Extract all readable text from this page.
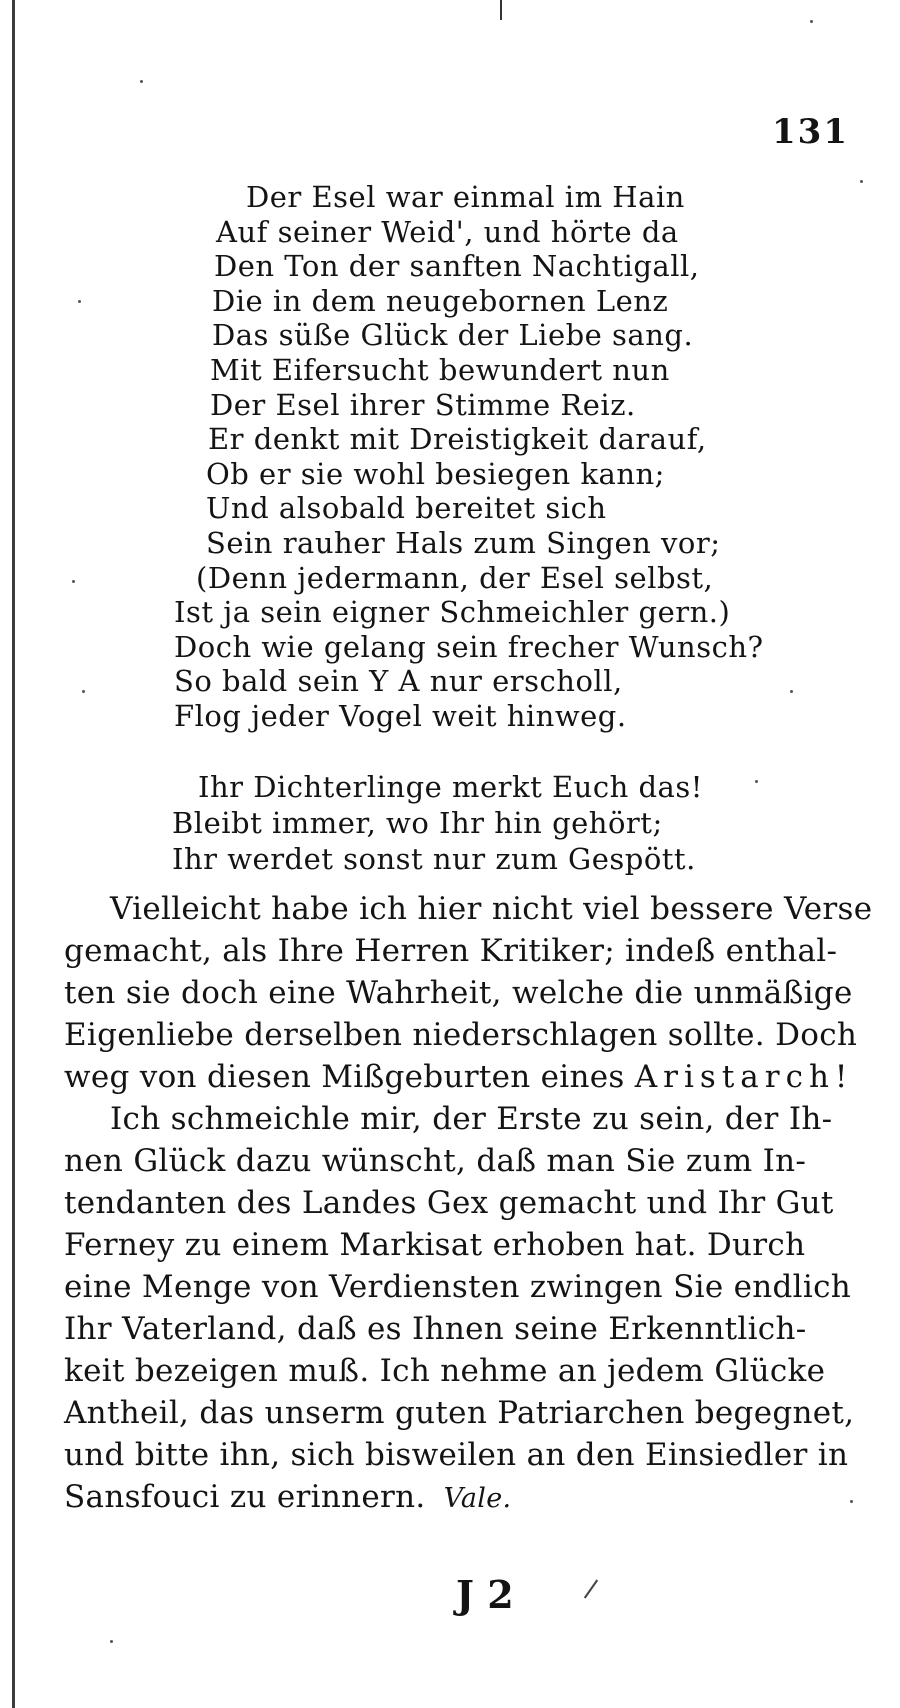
131
Der Esel war einmal im Hain
Auf seiner Weid', und hörte da
Den Ton der sanften Nachtigall,
Die in dem neugebornen Lenz
Das süße Glück der Liebe sang.
Mit Eifersucht bewundert nun
Der Esel ihrer Stimme Reiz.
Er denkt mit Dreistigkeit darauf,
Ob er sie wohl besiegen kann;
Und alsobald bereitet sich
Sein rauher Hals zum Singen vor;
(Denn jedermann, der Esel selbst,
Ist ja sein eigner Schmeichler gern.)
Doch wie gelang sein frecher Wunsch?
So bald sein Y A nur erscholl,
Flog jeder Vogel weit hinweg.
Ihr Dichterlinge merkt Euch das!
Bleibt immer, wo Ihr hin gehört;
Ihr werdet sonst nur zum Gespött.
Vielleicht habe ich hier nicht viel bessere Verse
gemacht, als Ihre Herren Kritiker; indeß enthal-
ten sie doch eine Wahrheit, welche die unmäßige
Eigenliebe derselben niederschlagen sollte. Doch
weg von diesen Mißgeburten eines Aristarch!
Ich schmeichle mir, der Erste zu sein, der Ih-
nen Glück dazu wünscht, daß man Sie zum In-
tendanten des Landes Gex gemacht und Ihr Gut
Ferney zu einem Markisat erhoben hat. Durch
eine Menge von Verdiensten zwingen Sie endlich
Ihr Vaterland, daß es Ihnen seine Erkenntlich-
keit bezeigen muß. Ich nehme an jedem Glücke
Antheil, das unserm guten Patriarchen begegnet,
und bitte ihn, sich bisweilen an den Einsiedler in
Sansfouci zu erinnern. Vale.
J 2
